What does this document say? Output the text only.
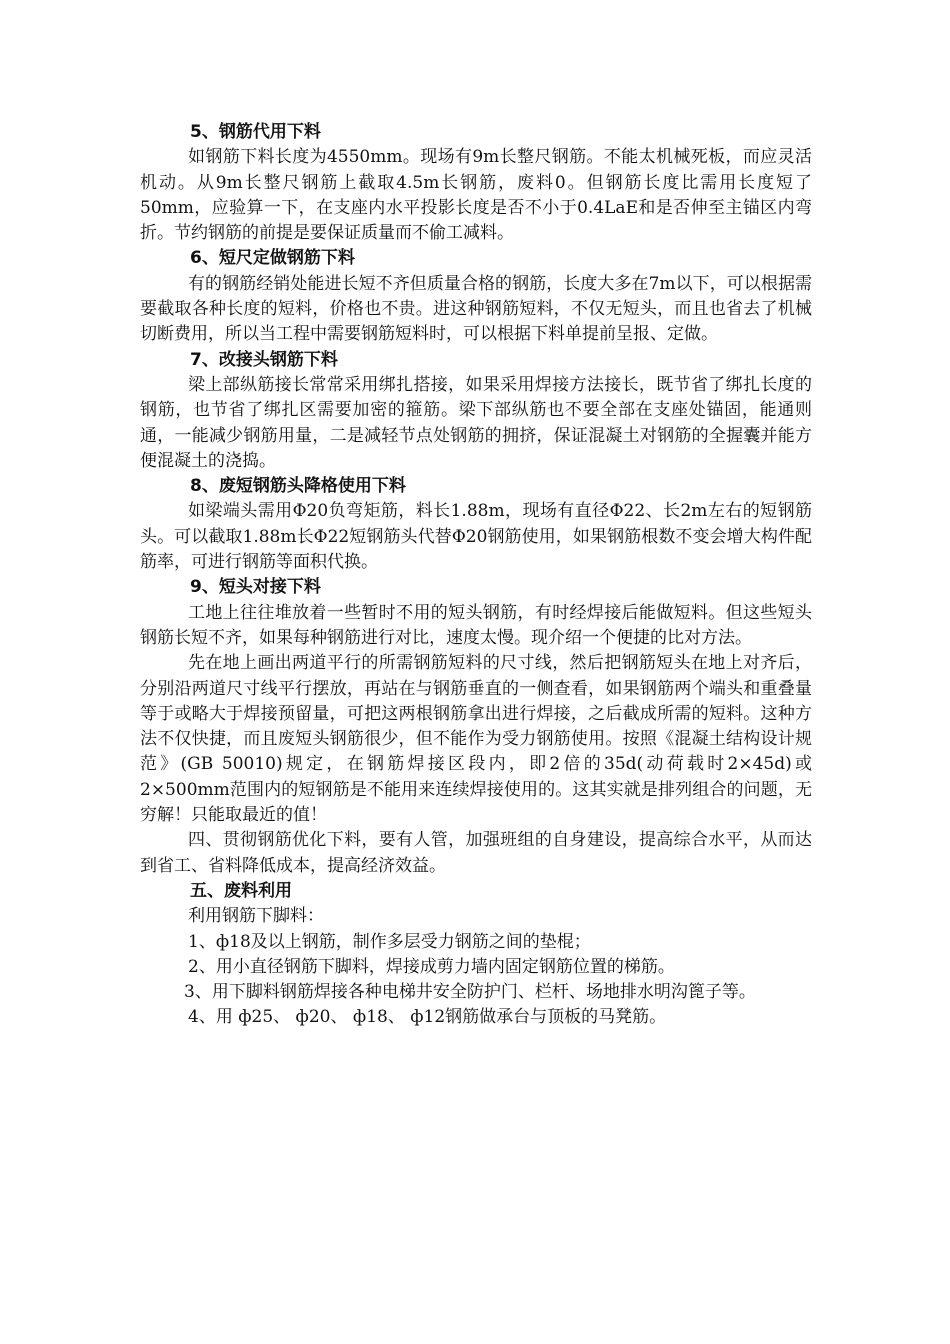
5、钢筋代用下料

如钢筋下料长度为4550mm。现场有9m长整尺钢筋。不能太机械死板，而应灵活机动。从9m长整尺钢筋上截取4.5m长钢筋，废料0。但钢筋长度比需用长度短了50mm，应验算一下，在支座内水平投影长度是否不小于0.4LaE和是否伸至主锚区内弯折。节约钢筋的前提是要保证质量而不偷工减料。

6、短尺定做钢筋下料

有的钢筋经销处能进长短不齐但质量合格的钢筋，长度大多在7m以下，可以根据需要截取各种长度的短料，价格也不贵。进这种钢筋短料，不仅无短头，而且也省去了机械切断费用，所以当工程中需要钢筋短料时，可以根据下料单提前呈报、定做。

7、改接头钢筋下料

梁上部纵筋接长常常采用绑扎搭接，如果采用焊接方法接长，既节省了绑扎长度的钢筋，也节省了绑扎区需要加密的箍筋。梁下部纵筋也不要全部在支座处锚固，能通则通，一能减少钢筋用量，二是减轻节点处钢筋的拥挤，保证混凝土对钢筋的全握囊并能方便混凝土的浇捣。

8、废短钢筋头降格使用下料

如梁端头需用Φ20负弯矩筋，料长1.88m，现场有直径Φ22、长2m左右的短钢筋头。可以截取1.88m长Φ22短钢筋头代替Φ20钢筋使用，如果钢筋根数不变会增大构件配筋率，可进行钢筋等面积代换。

9、短头对接下料

工地上往往堆放着一些暂时不用的短头钢筋，有时经焊接后能做短料。但这些短头钢筋长短不齐，如果每种钢筋进行对比，速度太慢。现介绍一个便捷的比对方法。

先在地上画出两道平行的所需钢筋短料的尺寸线，然后把钢筋短头在地上对齐后，分别沿两道尺寸线平行摆放，再站在与钢筋垂直的一侧查看，如果钢筋两个端头和重叠量等于或略大于焊接预留量，可把这两根钢筋拿出进行焊接，之后截成所需的短料。这种方法不仅快捷，而且废短头钢筋很少，但不能作为受力钢筋使用。按照《混凝土结构设计规范》(GB 50010)规定，在钢筋焊接区段内，即2倍的35d(动荷载时2×45d)或2×500mm范围内的短钢筋是不能用来连续焊接使用的。这其实就是排列组合的问题，无穷解！只能取最近的值！

四、贯彻钢筋优化下料，要有人管，加强班组的自身建设，提高综合水平，从而达到省工、省料降低成本，提高经济效益。

五、废料利用

利用钢筋下脚料：

1、ф18及以上钢筋，制作多层受力钢筋之间的垫棍；

2、用小直径钢筋下脚料，焊接成剪力墙内固定钢筋位置的梯筋。

3、用下脚料钢筋焊接各种电梯井安全防护门、栏杆、场地排水明沟篦子等。

4、用 ф25、 ф20、 ф18、 ф12钢筋做承台与顶板的马凳筋。
